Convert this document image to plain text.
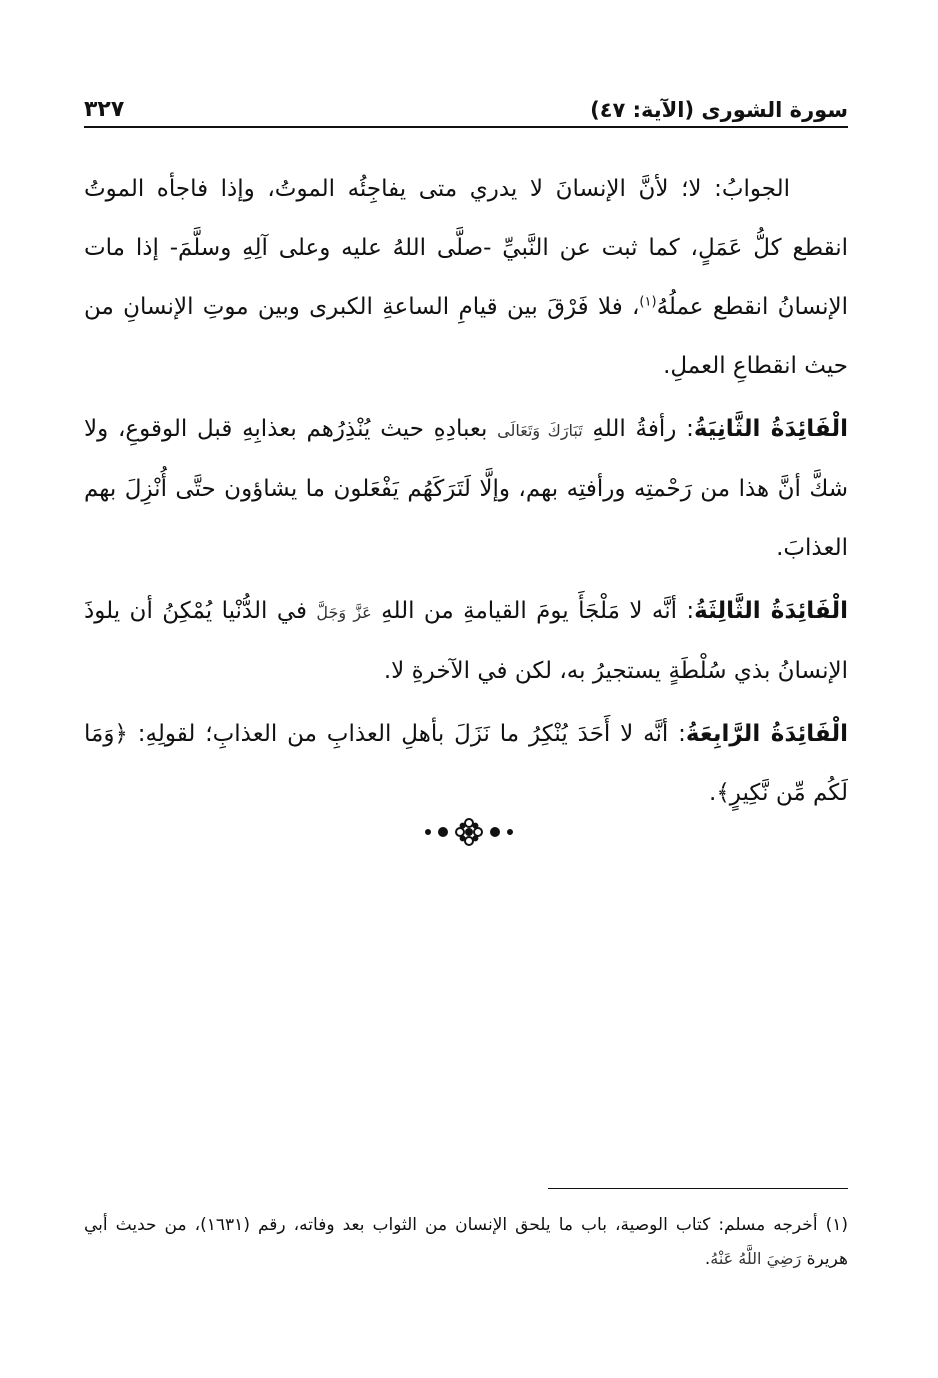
سورة الشورى (الآية: ٤٧)
٣٢٧

الجوابُ: لا؛ لأنَّ الإنسانَ لا يدري متى يفاجِئُه الموتُ، وإذا فاجأه الموتُ انقطع كلُّ عَمَلٍ، كما ثبت عن النَّبيِّ -صلَّى اللهُ عليه وعلى آلِهِ وسلَّمَ- إذا مات الإنسانُ انقطع عملُهُ$^{(١)}$، فلا فَرْقَ بين قيامِ الساعةِ الكبرى وبين موتِ الإنسانِ من حيث انقطاعِ العملِ.

الْفَائِدَةُ الثَّانِيَةُ: رأفةُ اللهِ تَبَارَكَ وَتَعَالَى بعبادِهِ حيث يُنْذِرُهم بعذابِهِ قبل الوقوعِ، ولا شكَّ أنَّ هذا من رَحْمتِه ورأفتِه بهم، وإلَّا لَتَرَكَهُم يَفْعَلون ما يشاؤون حتَّى أُنْزِلَ بهم العذابَ.

الْفَائِدَةُ الثَّالِثَةُ: أنَّه لا مَلْجَأَ يومَ القيامةِ من اللهِ عَزَّ وَجَلَّ في الدُّنْيا يُمْكِنُ أن يلوذَ الإنسانُ بذي سُلْطَةٍ يستجيرُ به، لكن في الآخرةِ لا.

الْفَائِدَةُ الرَّابِعَةُ: أنَّه لا أَحَدَ يُنْكِرُ ما نَزَلَ بأهلِ العذابِ من العذابِ؛ لقولِهِ: ﴿وَمَا لَكُم مِّن نَّكِيرٍ﴾.

(١) أخرجه مسلم: كتاب الوصية، باب ما يلحق الإنسان من الثواب بعد وفاته، رقم (١٦٣١)، من حديث أبي هريرة رَضِيَ اللَّهُ عَنْهُ.
